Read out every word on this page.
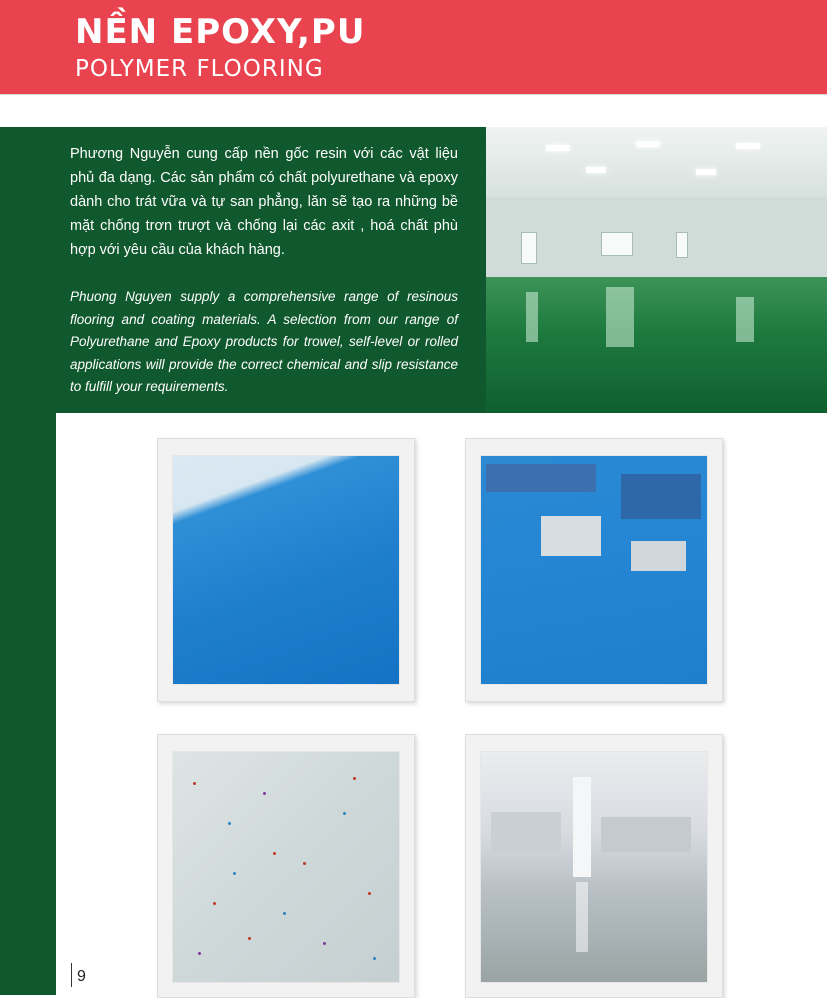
NỀN EPOXY,PU
POLYMER FLOORING
Phương Nguyễn cung cấp nền gốc resin với các vật liệu phủ đa dạng. Các sản phẩm có chất polyurethane và epoxy dành cho trát vữa và tự san phẳng, lăn sẽ tạo ra những bề mặt chống trơn trượt và chống lại các axit , hoá chất phù hợp với yêu cầu của khách hàng.
Phuong Nguyen supply a comprehensive range of resinous flooring and coating materials. A selection from our range of Polyurethane and Epoxy products for trowel, self-level or rolled applications will provide the correct chemical and slip resistance to fulfill your requirements.
9
